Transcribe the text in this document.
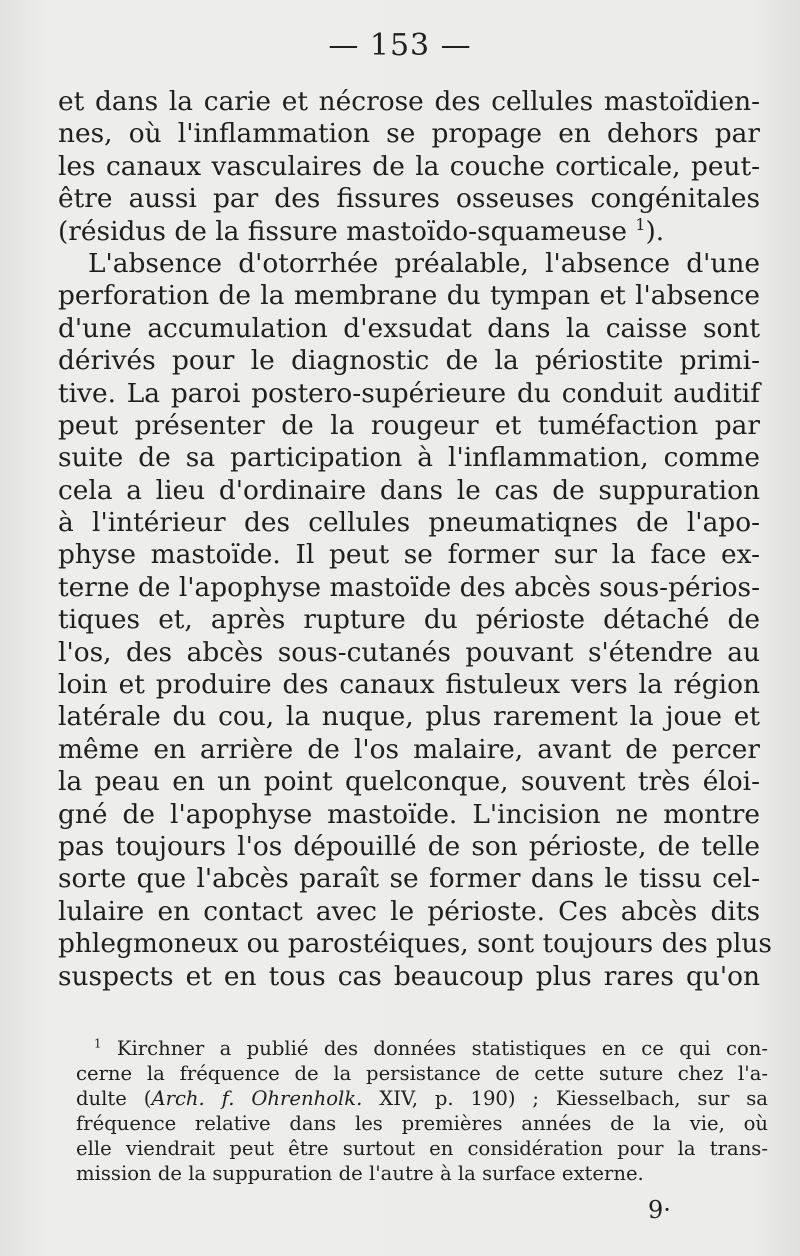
— 153 —
et dans la carie et nécrose des cellules mastoïdien-
nes, où l'inflammation se propage en dehors par
les canaux vasculaires de la couche corticale, peut-
être aussi par des fissures osseuses congénitales
(résidus de la fissure mastoïdo-squameuse $^1$).
L'absence d'otorrhée préalable, l'absence d'une
perforation de la membrane du tympan et l'absence
d'une accumulation d'exsudat dans la caisse sont
dérivés pour le diagnostic de la périostite primi-
tive. La paroi postero-supérieure du conduit auditif
peut présenter de la rougeur et tuméfaction par
suite de sa participation à l'inflammation, comme
cela a lieu d'ordinaire dans le cas de suppuration
à l'intérieur des cellules pneumatiqnes de l'apo-
physe mastoïde. Il peut se former sur la face ex-
terne de l'apophyse mastoïde des abcès sous-périos-
tiques et, après rupture du périoste détaché de
l'os, des abcès sous-cutanés pouvant s'étendre au
loin et produire des canaux fistuleux vers la région
latérale du cou, la nuque, plus rarement la joue et
même en arrière de l'os malaire, avant de percer
la peau en un point quelconque, souvent très éloi-
gné de l'apophyse mastoïde. L'incision ne montre
pas toujours l'os dépouillé de son périoste, de telle
sorte que l'abcès paraît se former dans le tissu cel-
lulaire en contact avec le périoste. Ces abcès dits
phlegmoneux ou parostéiques, sont toujours des plus
suspects et en tous cas beaucoup plus rares qu'on
$^1$ Kirchner a publié des données statistiques en ce qui con-
cerne la fréquence de la persistance de cette suture chez l'a-
dulte (Arch. f. Ohrenholk. XIV, p. 190) ; Kiesselbach, sur sa
fréquence relative dans les premières années de la vie, où
elle viendrait peut être surtout en considération pour la trans-
mission de la suppuration de l'autre à la surface externe.
9·
